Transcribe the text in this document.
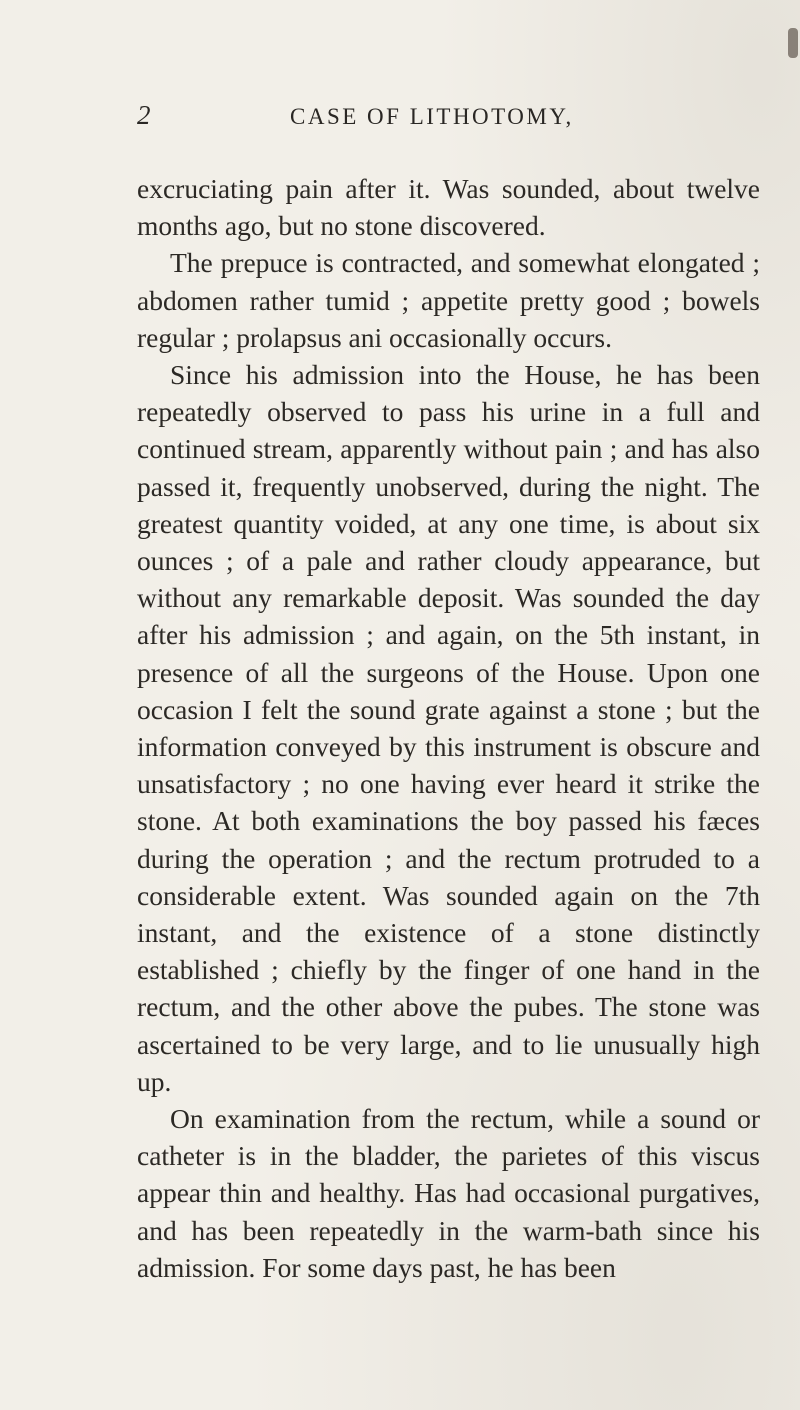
2	CASE OF LITHOTOMY,

excruciating pain after it. Was sounded, about twelve months ago, but no stone discovered.

The prepuce is contracted, and somewhat elongated ; abdomen rather tumid ; appetite pretty good ; bowels regular ; prolapsus ani occasionally occurs.

Since his admission into the House, he has been repeatedly observed to pass his urine in a full and continued stream, apparently without pain ; and has also passed it, frequently unobserved, during the night. The greatest quantity voided, at any one time, is about six ounces ; of a pale and rather cloudy appearance, but without any remarkable deposit. Was sounded the day after his admission ; and again, on the 5th instant, in presence of all the surgeons of the House. Upon one occasion I felt the sound grate against a stone ; but the information conveyed by this instrument is obscure and unsatisfactory ; no one having ever heard it strike the stone. At both examinations the boy passed his fæces during the operation ; and the rectum protruded to a considerable extent. Was sounded again on the 7th instant, and the existence of a stone distinctly established ; chiefly by the finger of one hand in the rectum, and the other above the pubes. The stone was ascertained to be very large, and to lie unusually high up.

On examination from the rectum, while a sound or catheter is in the bladder, the parietes of this viscus appear thin and healthy. Has had occasional purgatives, and has been repeatedly in the warm-bath since his admission. For some days past, he has been
